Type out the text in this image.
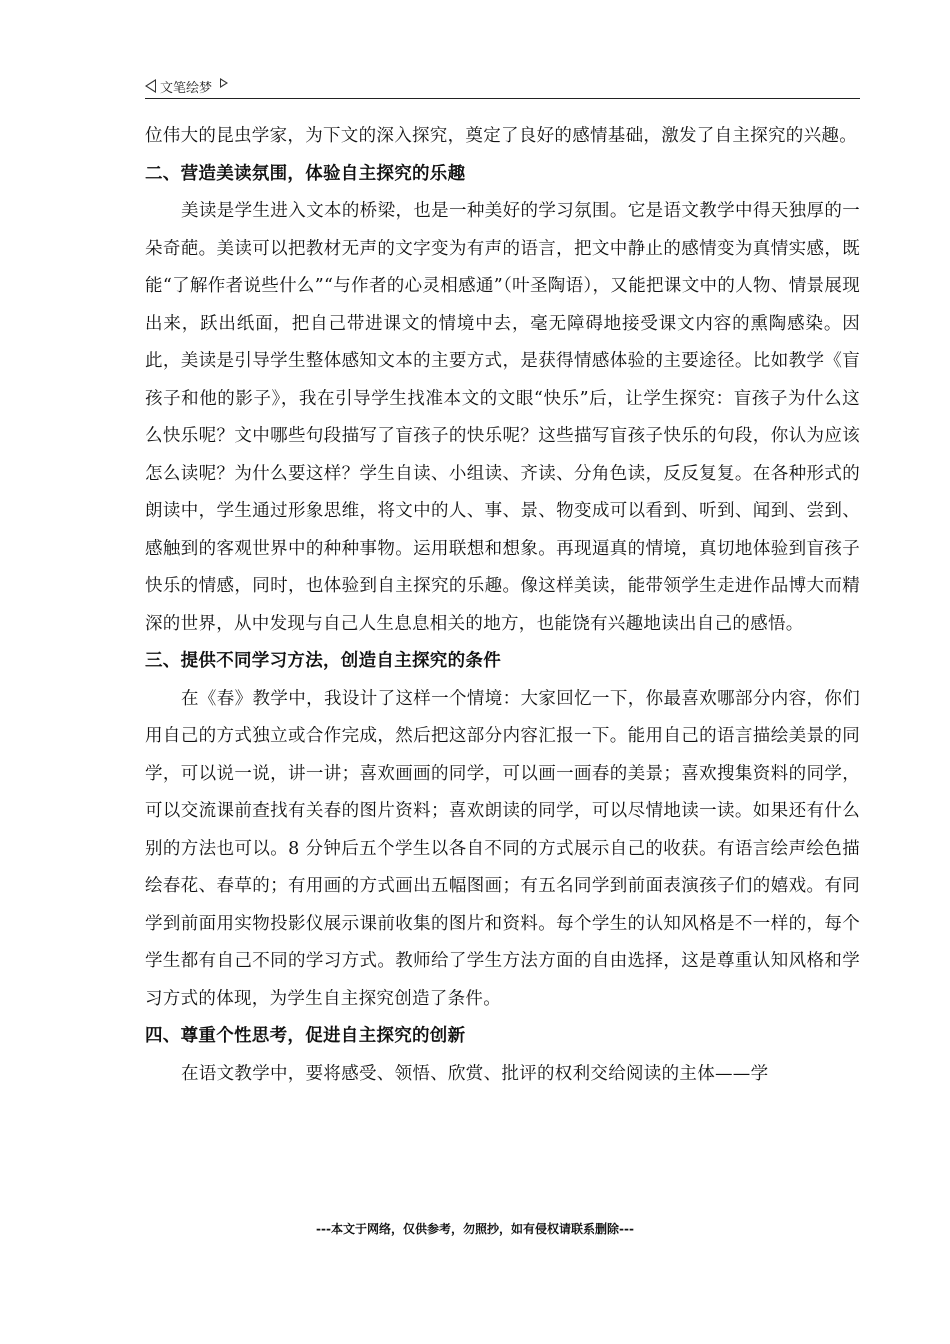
文笔绘梦

位伟大的昆虫学家，为下文的深入探究，奠定了良好的感情基础，激发了自主探究的兴趣。

二、营造美读氛围，体验自主探究的乐趣

美读是学生进入文本的桥梁，也是一种美好的学习氛围。它是语文教学中得天独厚的一朵奇葩。美读可以把教材无声的文字变为有声的语言，把文中静止的感情变为真情实感，既能“了解作者说些什么”“与作者的心灵相感通”（叶圣陶语），又能把课文中的人物、情景展现出来，跃出纸面，把自己带进课文的情境中去，毫无障碍地接受课文内容的熏陶感染。因此，美读是引导学生整体感知文本的主要方式，是获得情感体验的主要途径。比如教学《盲孩子和他的影子》，我在引导学生找准本文的文眼“快乐”后，让学生探究：盲孩子为什么这么快乐呢？文中哪些句段描写了盲孩子的快乐呢？这些描写盲孩子快乐的句段，你认为应该怎么读呢？为什么要这样？学生自读、小组读、齐读、分角色读，反反复复。在各种形式的朗读中，学生通过形象思维，将文中的人、事、景、物变成可以看到、听到、闻到、尝到、感触到的客观世界中的种种事物。运用联想和想象。再现逼真的情境，真切地体验到盲孩子快乐的情感，同时，也体验到自主探究的乐趣。像这样美读，能带领学生走进作品博大而精深的世界，从中发现与自己人生息息相关的地方，也能饶有兴趣地读出自己的感悟。

三、提供不同学习方法，创造自主探究的条件

在《春》教学中，我设计了这样一个情境：大家回忆一下，你最喜欢哪部分内容，你们用自己的方式独立或合作完成，然后把这部分内容汇报一下。能用自己的语言描绘美景的同学，可以说一说，讲一讲；喜欢画画的同学，可以画一画春的美景；喜欢搜集资料的同学，可以交流课前查找有关春的图片资料；喜欢朗读的同学，可以尽情地读一读。如果还有什么别的方法也可以。8 分钟后五个学生以各自不同的方式展示自己的收获。有语言绘声绘色描绘春花、春草的；有用画的方式画出五幅图画；有五名同学到前面表演孩子们的嬉戏。有同学到前面用实物投影仪展示课前收集的图片和资料。每个学生的认知风格是不一样的，每个学生都有自己不同的学习方式。教师给了学生方法方面的自由选择，这是尊重认知风格和学习方式的体现，为学生自主探究创造了条件。

四、尊重个性思考，促进自主探究的创新

在语文教学中，要将感受、领悟、欣赏、批评的权利交给阅读的主体——学

---本文于网络，仅供参考，勿照抄，如有侵权请联系删除---
